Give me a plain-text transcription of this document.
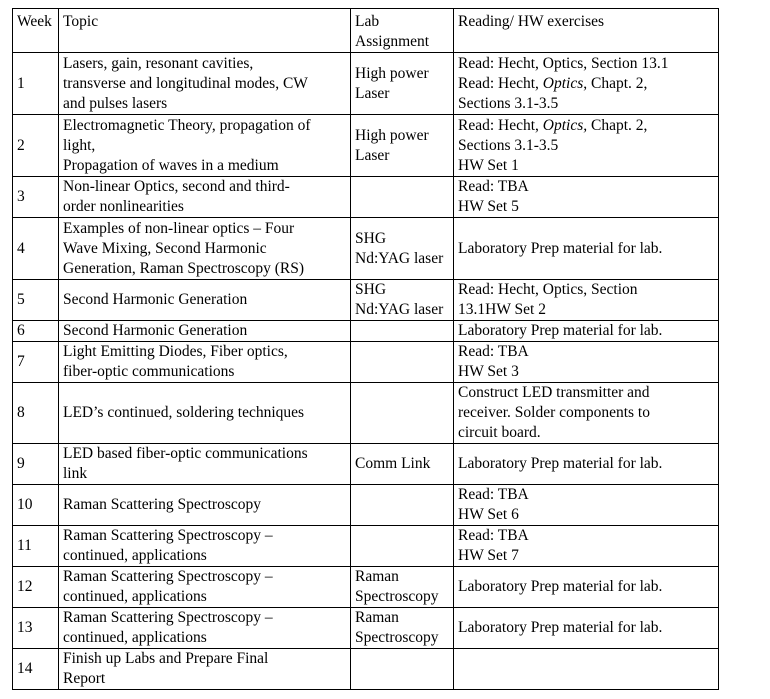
Week	Topic	Lab Assignment	Reading/ HW exercises
1	Lasers, gain, resonant cavities,
transverse and longitudinal modes, CW
and pulses lasers	High power
Laser	Read: Hecht, Optics, Section 13.1
Read: Hecht, Optics, Chapt. 2,
Sections 3.1-3.5

2	Electromagnetic Theory, propagation of
light,
Propagation of waves in a medium	High power
Laser	Read: Hecht, Optics, Chapt. 2,
Sections 3.1-3.5
HW Set 1

3	Non-linear Optics, second and third-
order nonlinearities		Read: TBA
HW Set 5

4	Examples of non-linear optics – Four
Wave Mixing, Second Harmonic
Generation, Raman Spectroscopy (RS)	SHG
Nd:YAG laser	Laboratory Prep material for lab.

5	Second Harmonic Generation	SHG
Nd:YAG laser	Read: Hecht, Optics, Section
13.1HW Set 2

6	Second Harmonic Generation		Laboratory Prep material for lab.

7	Light Emitting Diodes, Fiber optics,
fiber-optic communications		Read: TBA
HW Set 3

8	LED’s continued, soldering techniques		Construct LED transmitter and
receiver. Solder components to
circuit board.

9	LED based fiber-optic communications
link	Comm Link	Laboratory Prep material for lab.

10	Raman Scattering Spectroscopy		Read: TBA
HW Set 6

11	Raman Scattering Spectroscopy –
continued, applications		Read: TBA
HW Set 7

12	Raman Scattering Spectroscopy –
continued, applications	Raman
Spectroscopy	Laboratory Prep material for lab.

13	Raman Scattering Spectroscopy –
continued, applications	Raman
Spectroscopy	Laboratory Prep material for lab.

14	Finish up Labs and Prepare Final
Report		
